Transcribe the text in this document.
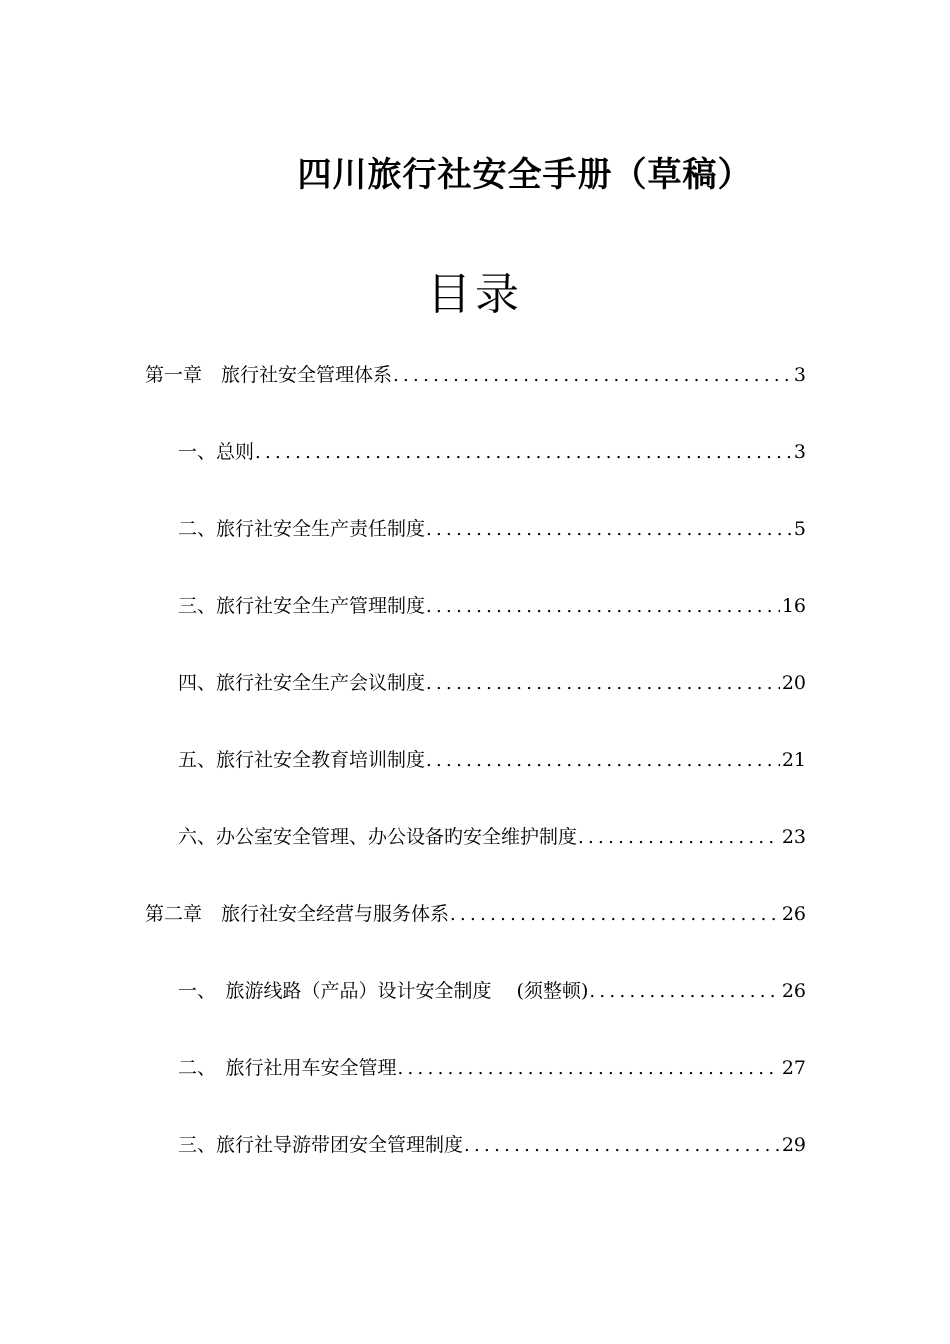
四川旅行社安全手册（草稿）
目录
第一章　旅行社安全管理体系 .....	3
一、总则 .....	3
二、旅行社安全生产责任制度 .....	5
三、旅行社安全生产管理制度 .....	16
四、旅行社安全生产会议制度 .....	20
五、旅行社安全教育培训制度 .....	21
六、办公室安全管理、办公设备旳安全维护制度 .....	23
第二章　旅行社安全经营与服务体系 .....	26
一、　旅游线路（产品）设计安全制度　 (须整顿) .....	26
二、　旅行社用车安全管理 .....	27
三、旅行社导游带团安全管理制度 .....	29
